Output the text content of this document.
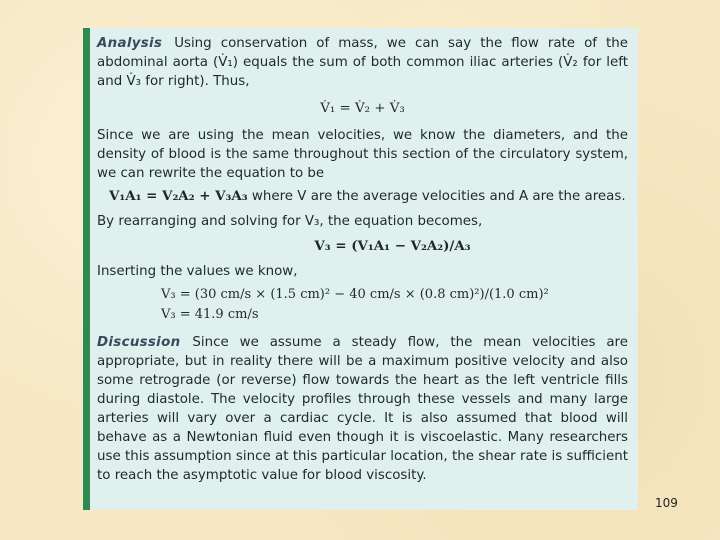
Analysis Using conservation of mass, we can say the flow rate of the abdominal aorta (V̇₁) equals the sum of both common iliac arteries (V̇₂ for left and V̇₃ for right). Thus,
V̇₁ = V̇₂ + V̇₃
Since we are using the mean velocities, we know the diameters, and the density of blood is the same throughout this section of the circulatory system, we can rewrite the equation to be
V₁A₁ = V₂A₂ + V₃A₃ where V are the average velocities and A are the areas.
By rearranging and solving for V₃, the equation becomes,
V₃ = (V₁A₁ − V₂A₂)/A₃
Inserting the values we know,
V₃ = (30 cm/s × (1.5 cm)² − 40 cm/s × (0.8 cm)²)/(1.0 cm)²
V₃ = 41.9 cm/s
Discussion Since we assume a steady flow, the mean velocities are appropriate, but in reality there will be a maximum positive velocity and also some retrograde (or reverse) flow towards the heart as the left ventricle fills during diastole. The velocity profiles through these vessels and many large arteries will vary over a cardiac cycle. It is also assumed that blood will behave as a Newtonian fluid even though it is viscoelastic. Many researchers use this assumption since at this particular location, the shear rate is sufficient to reach the asymptotic value for blood viscosity.
109
